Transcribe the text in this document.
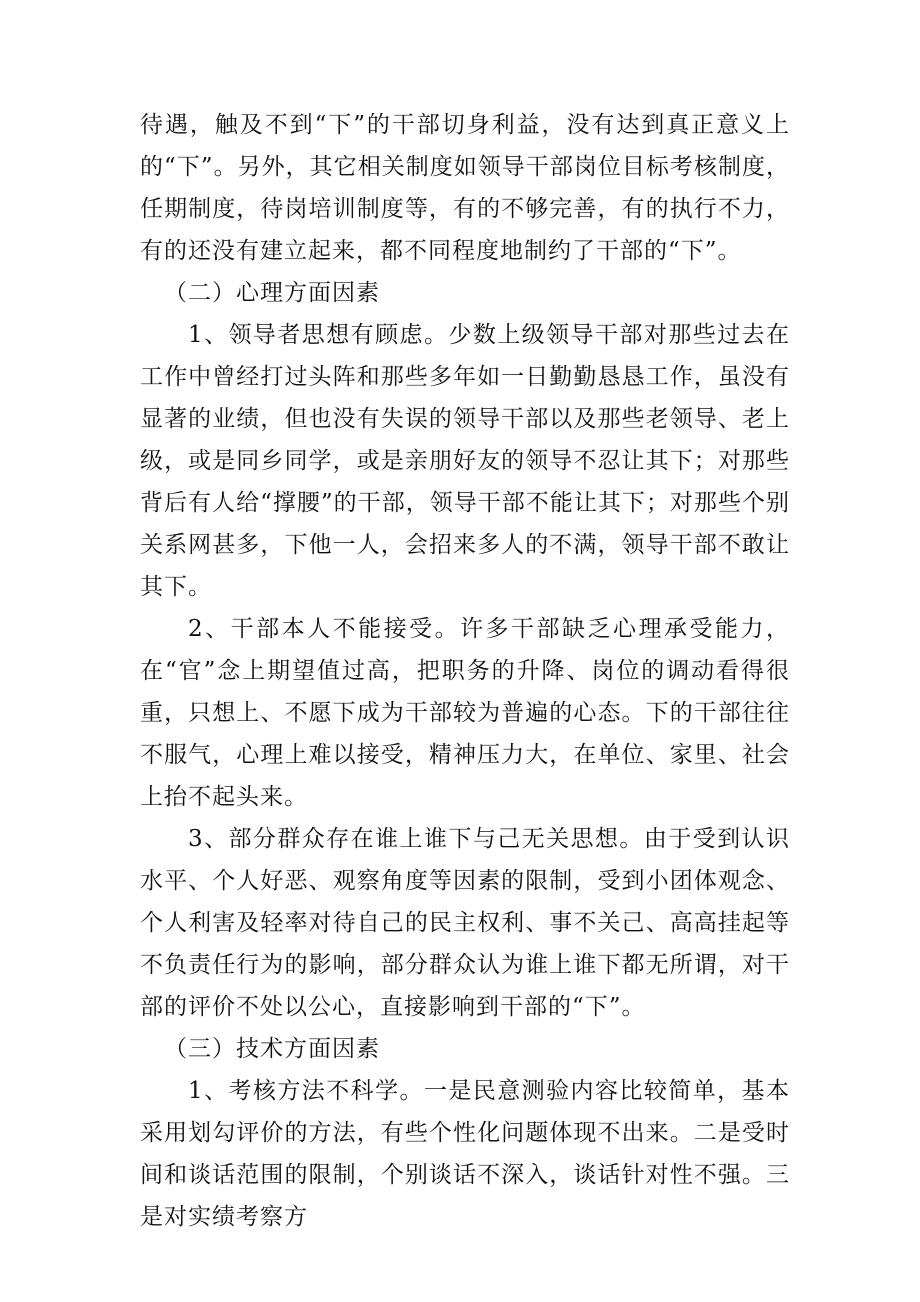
待遇，触及不到“下”的干部切身利益，没有达到真正意义上的“下”。另外，其它相关制度如领导干部岗位目标考核制度，任期制度，待岗培训制度等，有的不够完善，有的执行不力，有的还没有建立起来，都不同程度地制约了干部的“下”。

（二）心理方面因素

1、领导者思想有顾虑。少数上级领导干部对那些过去在工作中曾经打过头阵和那些多年如一日勤勤恳恳工作，虽没有显著的业绩，但也没有失误的领导干部以及那些老领导、老上级，或是同乡同学，或是亲朋好友的领导不忍让其下；对那些背后有人给“撑腰”的干部，领导干部不能让其下；对那些个别关系网甚多，下他一人，会招来多人的不满，领导干部不敢让其下。

2、干部本人不能接受。许多干部缺乏心理承受能力，在“官”念上期望值过高，把职务的升降、岗位的调动看得很重，只想上、不愿下成为干部较为普遍的心态。下的干部往往不服气，心理上难以接受，精神压力大，在单位、家里、社会上抬不起头来。

3、部分群众存在谁上谁下与己无关思想。由于受到认识水平、个人好恶、观察角度等因素的限制，受到小团体观念、个人利害及轻率对待自己的民主权利、事不关己、高高挂起等不负责任行为的影响，部分群众认为谁上谁下都无所谓，对干部的评价不处以公心，直接影响到干部的“下”。

（三）技术方面因素

1、考核方法不科学。一是民意测验内容比较简单，基本采用划勾评价的方法，有些个性化问题体现不出来。二是受时间和谈话范围的限制，个别谈话不深入，谈话针对性不强。三是对实绩考察方
